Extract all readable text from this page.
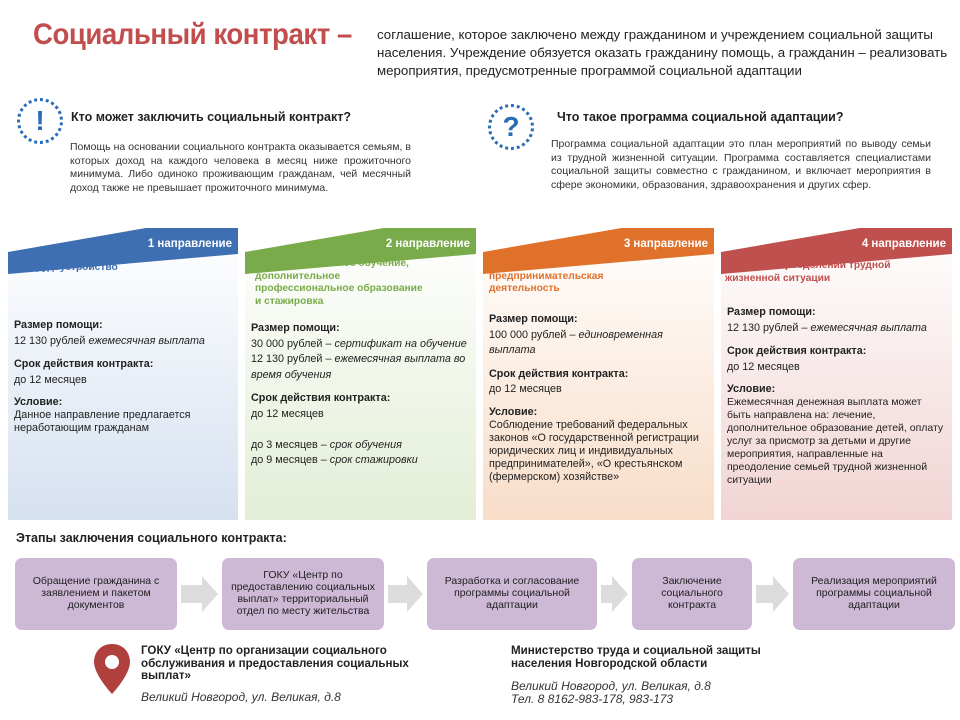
Социальный контракт – соглашение, которое заключено между гражданином и учреждением социальной защиты населения. Учреждение обязуется оказать гражданину помощь, а гражданин – реализовать мероприятия, предусмотренные программой социальной адаптации
!	Кто может заключить социальный контракт?
Помощь на основании социального контракта оказывается семьям, в которых доход на каждого человека в месяц ниже прожиточного минимума. Либо одиноко проживающим гражданам, чей месячный доход также не превышает прожиточного минимума.
?	Что такое программа социальной адаптации?
Программа социальной адаптации это план мероприятий по выводу семьи из трудной жизненной ситуации. Программа составляется специалистами социальной защиты совместно с гражданином, и включает мероприятия в сфере экономики, образования, здравоохранения и других сфер.
1 направление
Трудоустройство

Размер помощи:
12 130 рублей ежемесячная выплата

Срок действия контракта:
до 12 месяцев

Условие:
Данное направление предлагается неработающим гражданам

2 направление
Профессиональное обучение, дополнительное профессиональное образование и стажировка

Размер помощи:
30 000 рублей – сертификат на обучение
12 130 рублей – ежемесячная выплата во время обучения

Срок действия контракта:
до 12 месяцев

до 3 месяцев – срок обучения
до 9 месяцев – срок стажировки

3 направление
Индивидуальная предпринимательская деятельность

Размер помощи:
100 000 рублей – единовременная выплата

Срок действия контракта:
до 12 месяцев

Условие:
Соблюдение требований федеральных законов «О государственной регистрации юридических лиц и индивидуальных предпринимателей», «О крестьянском (фермерском) хозяйстве»

4 направление
Помощь в преодолении трудной жизненной ситуации

Размер помощи:
12 130 рублей – ежемесячная выплата

Срок действия контракта:
до 12 месяцев

Условие:
Ежемесячная денежная выплата может быть направлена на: лечение, дополнительное образование детей, оплату услуг за присмотр за детьми и другие мероприятия, направленные на преодоление семьей трудной жизненной ситуации

Этапы заключения социального контракта:
Обращение гражданина с заявлением и пакетом документов
ГОКУ «Центр по предоставлению социальных выплат» территориальный отдел по месту жительства
Разработка и согласование программы социальной адаптации
Заключение социального контракта
Реализация мероприятий программы социальной адаптации
ГОКУ «Центр по организации социального обслуживания и предоставления социальных выплат»
Великий Новгород, ул. Великая, д.8
Министерство труда и социальной защиты населения Новгородской области
Великий Новгород, ул. Великая, д.8
Тел. 8 8162-983-178, 983-173
